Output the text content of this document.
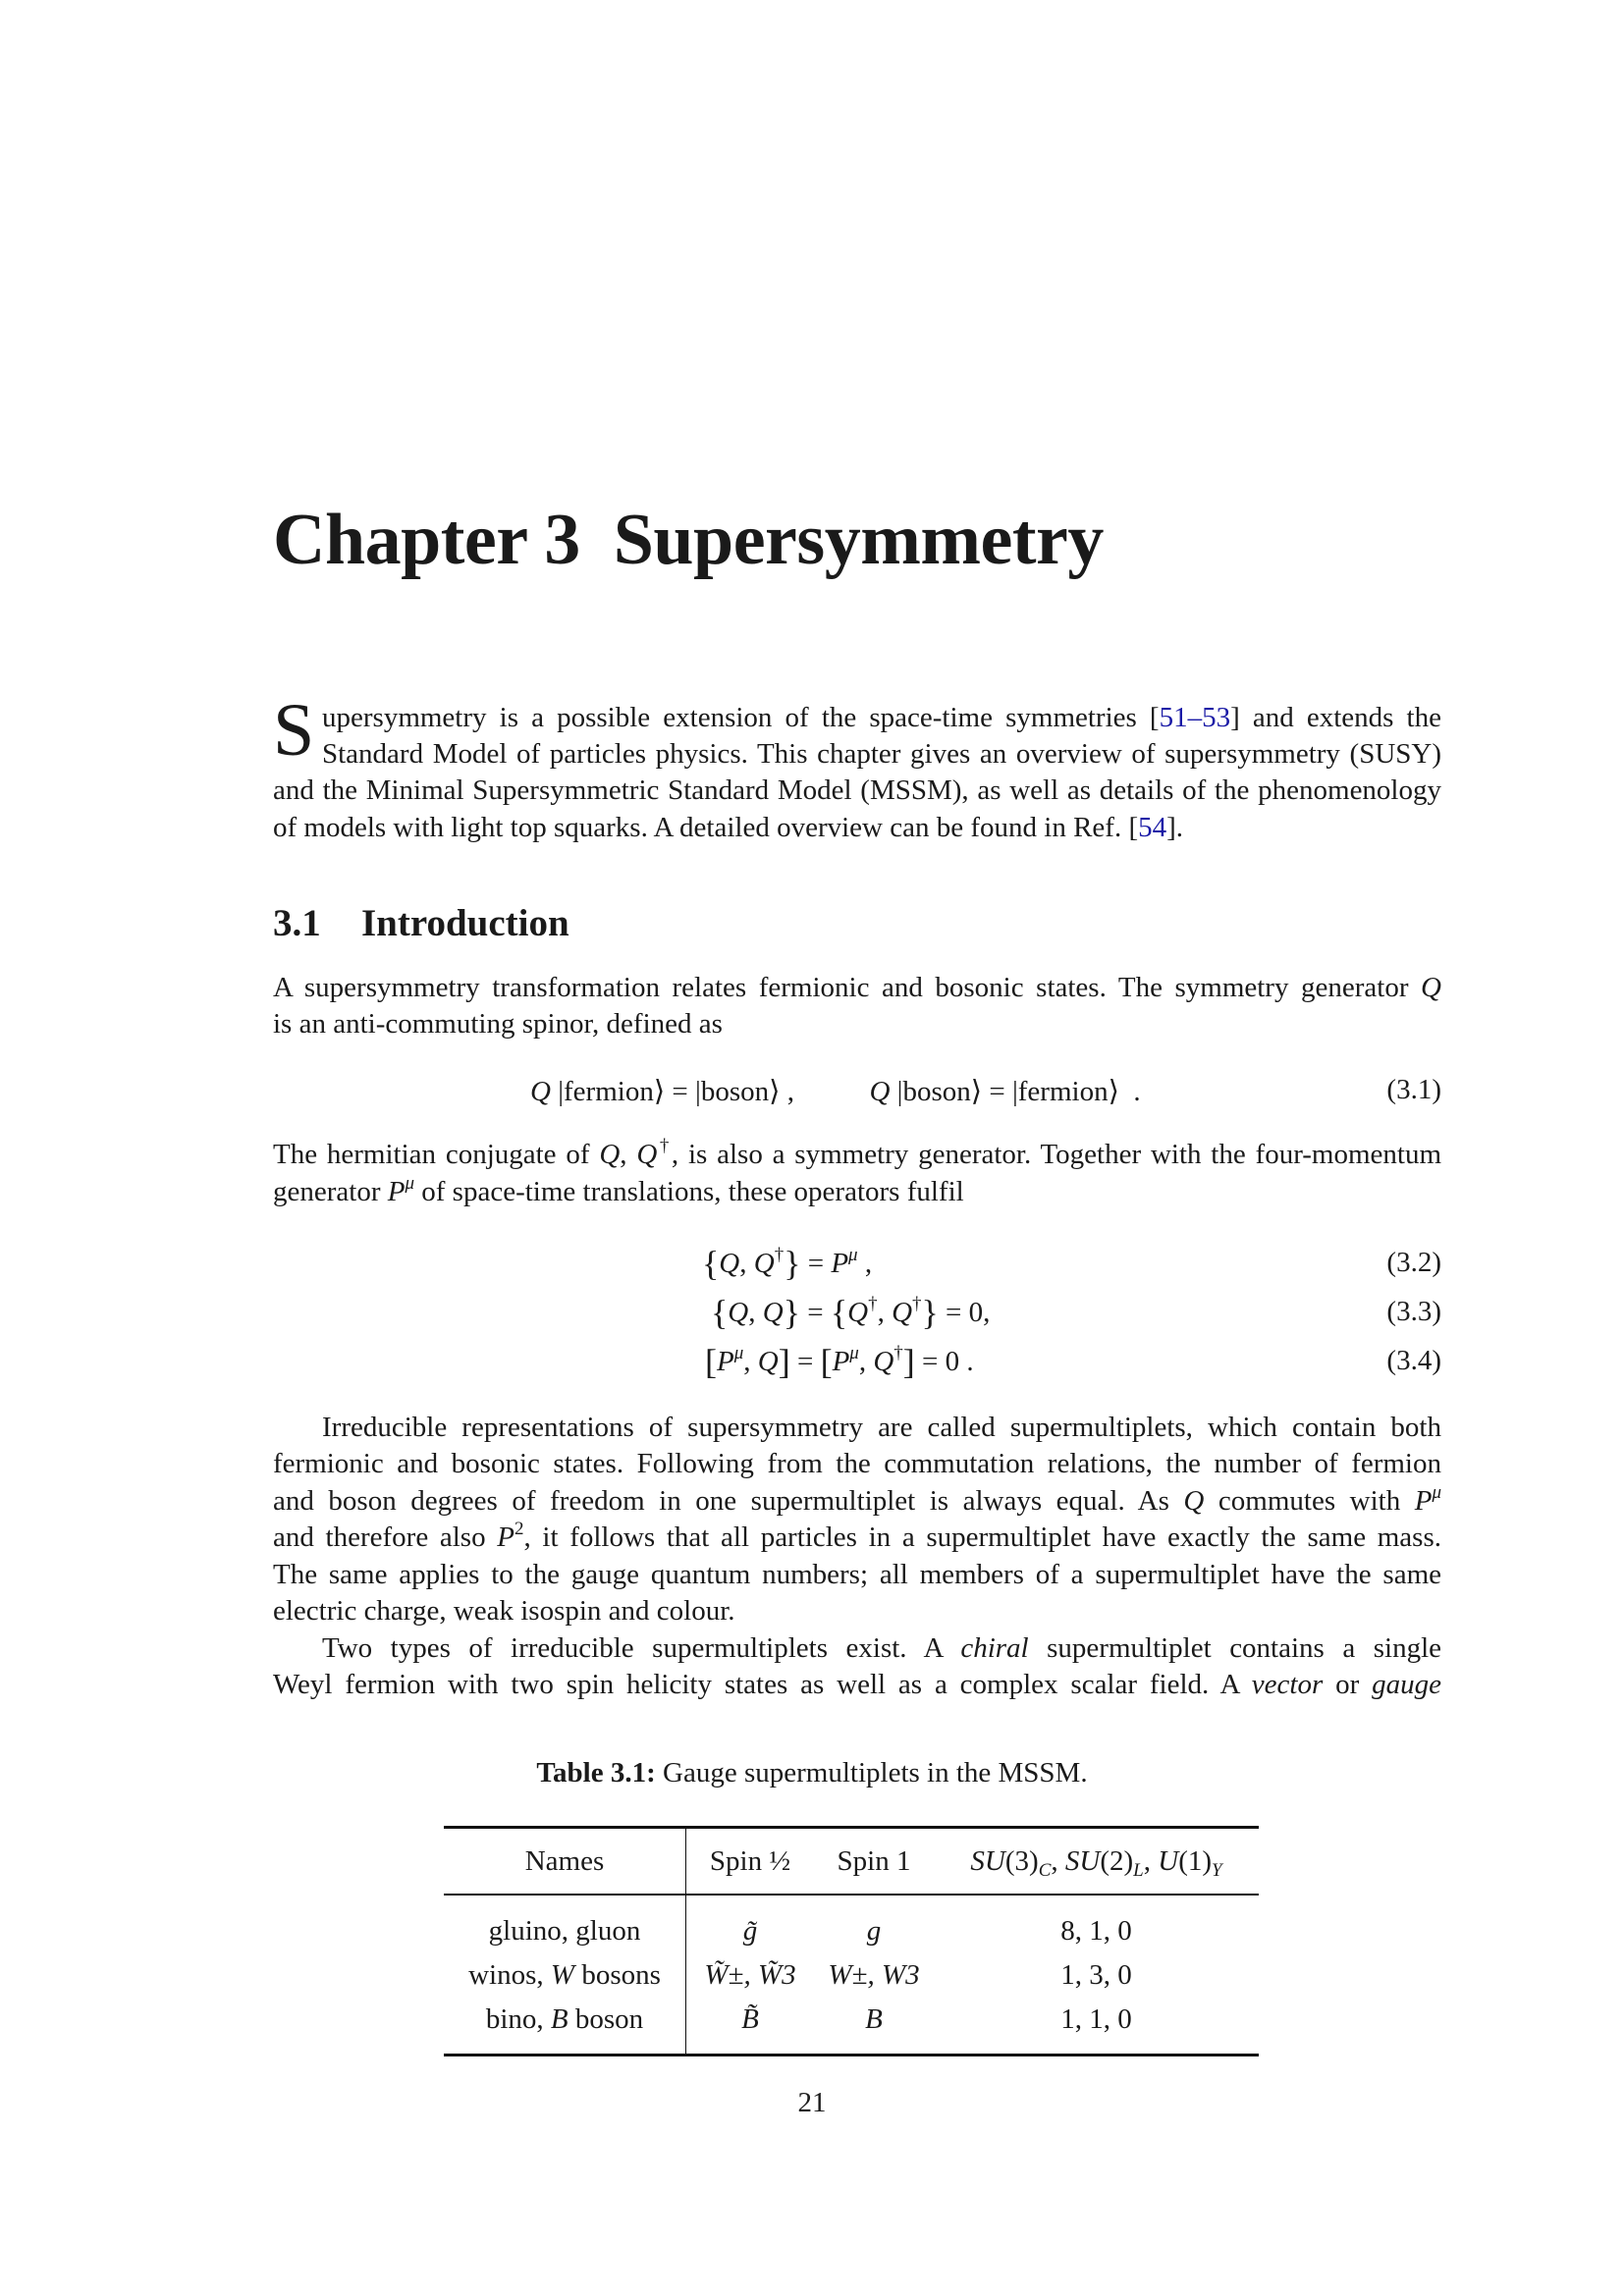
Chapter 3 Supersymmetry
S upersymmetry is a possible extension of the space-time symmetries [51–53] and extends the
Standard Model of particles physics. This chapter gives an overview of supersymmetry (SUSY)
and the Minimal Supersymmetric Standard Model (MSSM), as well as details of the phenomenology
of models with light top squarks. A detailed overview can be found in Ref. [54].
3.1 Introduction
A supersymmetry transformation relates fermionic and bosonic states. The symmetry generator Q
is an anti-commuting spinor, defined as
Q |fermion⟩ = |boson⟩ ,	Q |boson⟩ = |fermion⟩  .	(3.1)
The hermitian conjugate of Q, Q†, is also a symmetry generator. Together with the four-momentum
generator $P^\mu$ of space-time translations, these operators fulfil
{Q, $Q^\dagger\} = P^\mu$ ,	(3.2)
{Q, Q} = {Q†, Q†} = 0,	(3.3)
[$P^\mu$, $Q] = [P^\mu$, Q†] = 0 .	(3.4)
Irreducible representations of supersymmetry are called supermultiplets, which contain both
fermionic and bosonic states. Following from the commutation relations, the number of fermion
and boson degrees of freedom in one supermultiplet is always equal. As Q commutes with $P^\mu$
and therefore also $P^2$, it follows that all particles in a supermultiplet have exactly the same mass.
The same applies to the gauge quantum numbers; all members of a supermultiplet have the same
electric charge, weak isospin and colour.
Two types of irreducible supermultiplets exist. A chiral supermultiplet contains a single
Weyl fermion with two spin helicity states as well as a complex scalar field. A vector or gauge
Table 3.1: Gauge supermultiplets in the MSSM.
Names	Spin ½	Spin 1	$SU(3)_C$, $SU(2)_L$, $U(1)_Y$

gluino, gluon	g̃	g	8, 1, 0
winos, W bosons	W̃±, W̃3	W±, W3	1, 3, 0
bino, B boson	B̃	B	1, 1, 0
21
